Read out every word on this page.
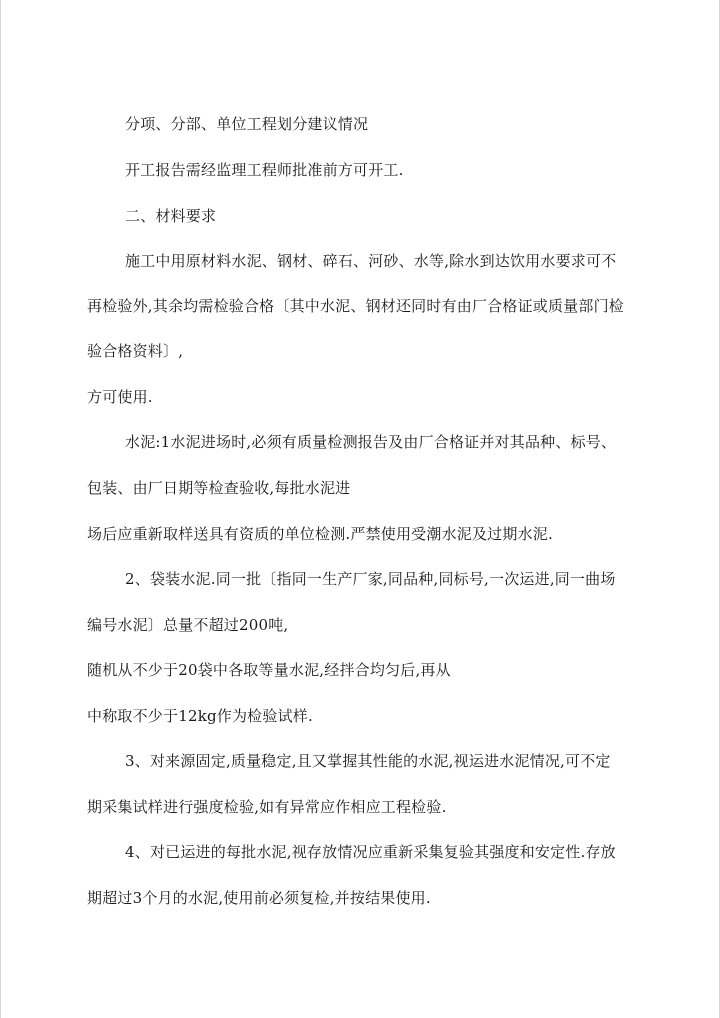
分项、分部、单位工程划分建议情况
开工报告需经监理工程师批准前方可开工.
二、材料要求
施工中用原材料水泥、钢材、碎石、河砂、水等,除水到达饮用水要求可不
再检验外,其余均需检验合格〔其中水泥、钢材还同时有由厂合格证或质量部门检
验合格资料〕,
方可使用.
水泥:1水泥进场时,必须有质量检测报告及由厂合格证并对其品种、标号、
包装、由厂日期等检查验收,每批水泥进
场后应重新取样送具有资质的单位检测.严禁使用受潮水泥及过期水泥.
2、袋装水泥.同一批〔指同一生产厂家,同品种,同标号,一次运进,同一曲场
编号水泥〕总量不超过200吨,
随机从不少于20袋中各取等量水泥,经拌合均匀后,再从
中称取不少于12kg作为检验试样.
3、对来源固定,质量稳定,且又掌握其性能的水泥,视运进水泥情况,可不定
期采集试样进行强度检验,如有异常应作相应工程检验.
4、对已运进的每批水泥,视存放情况应重新采集复验其强度和安定性.存放
期超过3个月的水泥,使用前必须复检,并按结果使用.
